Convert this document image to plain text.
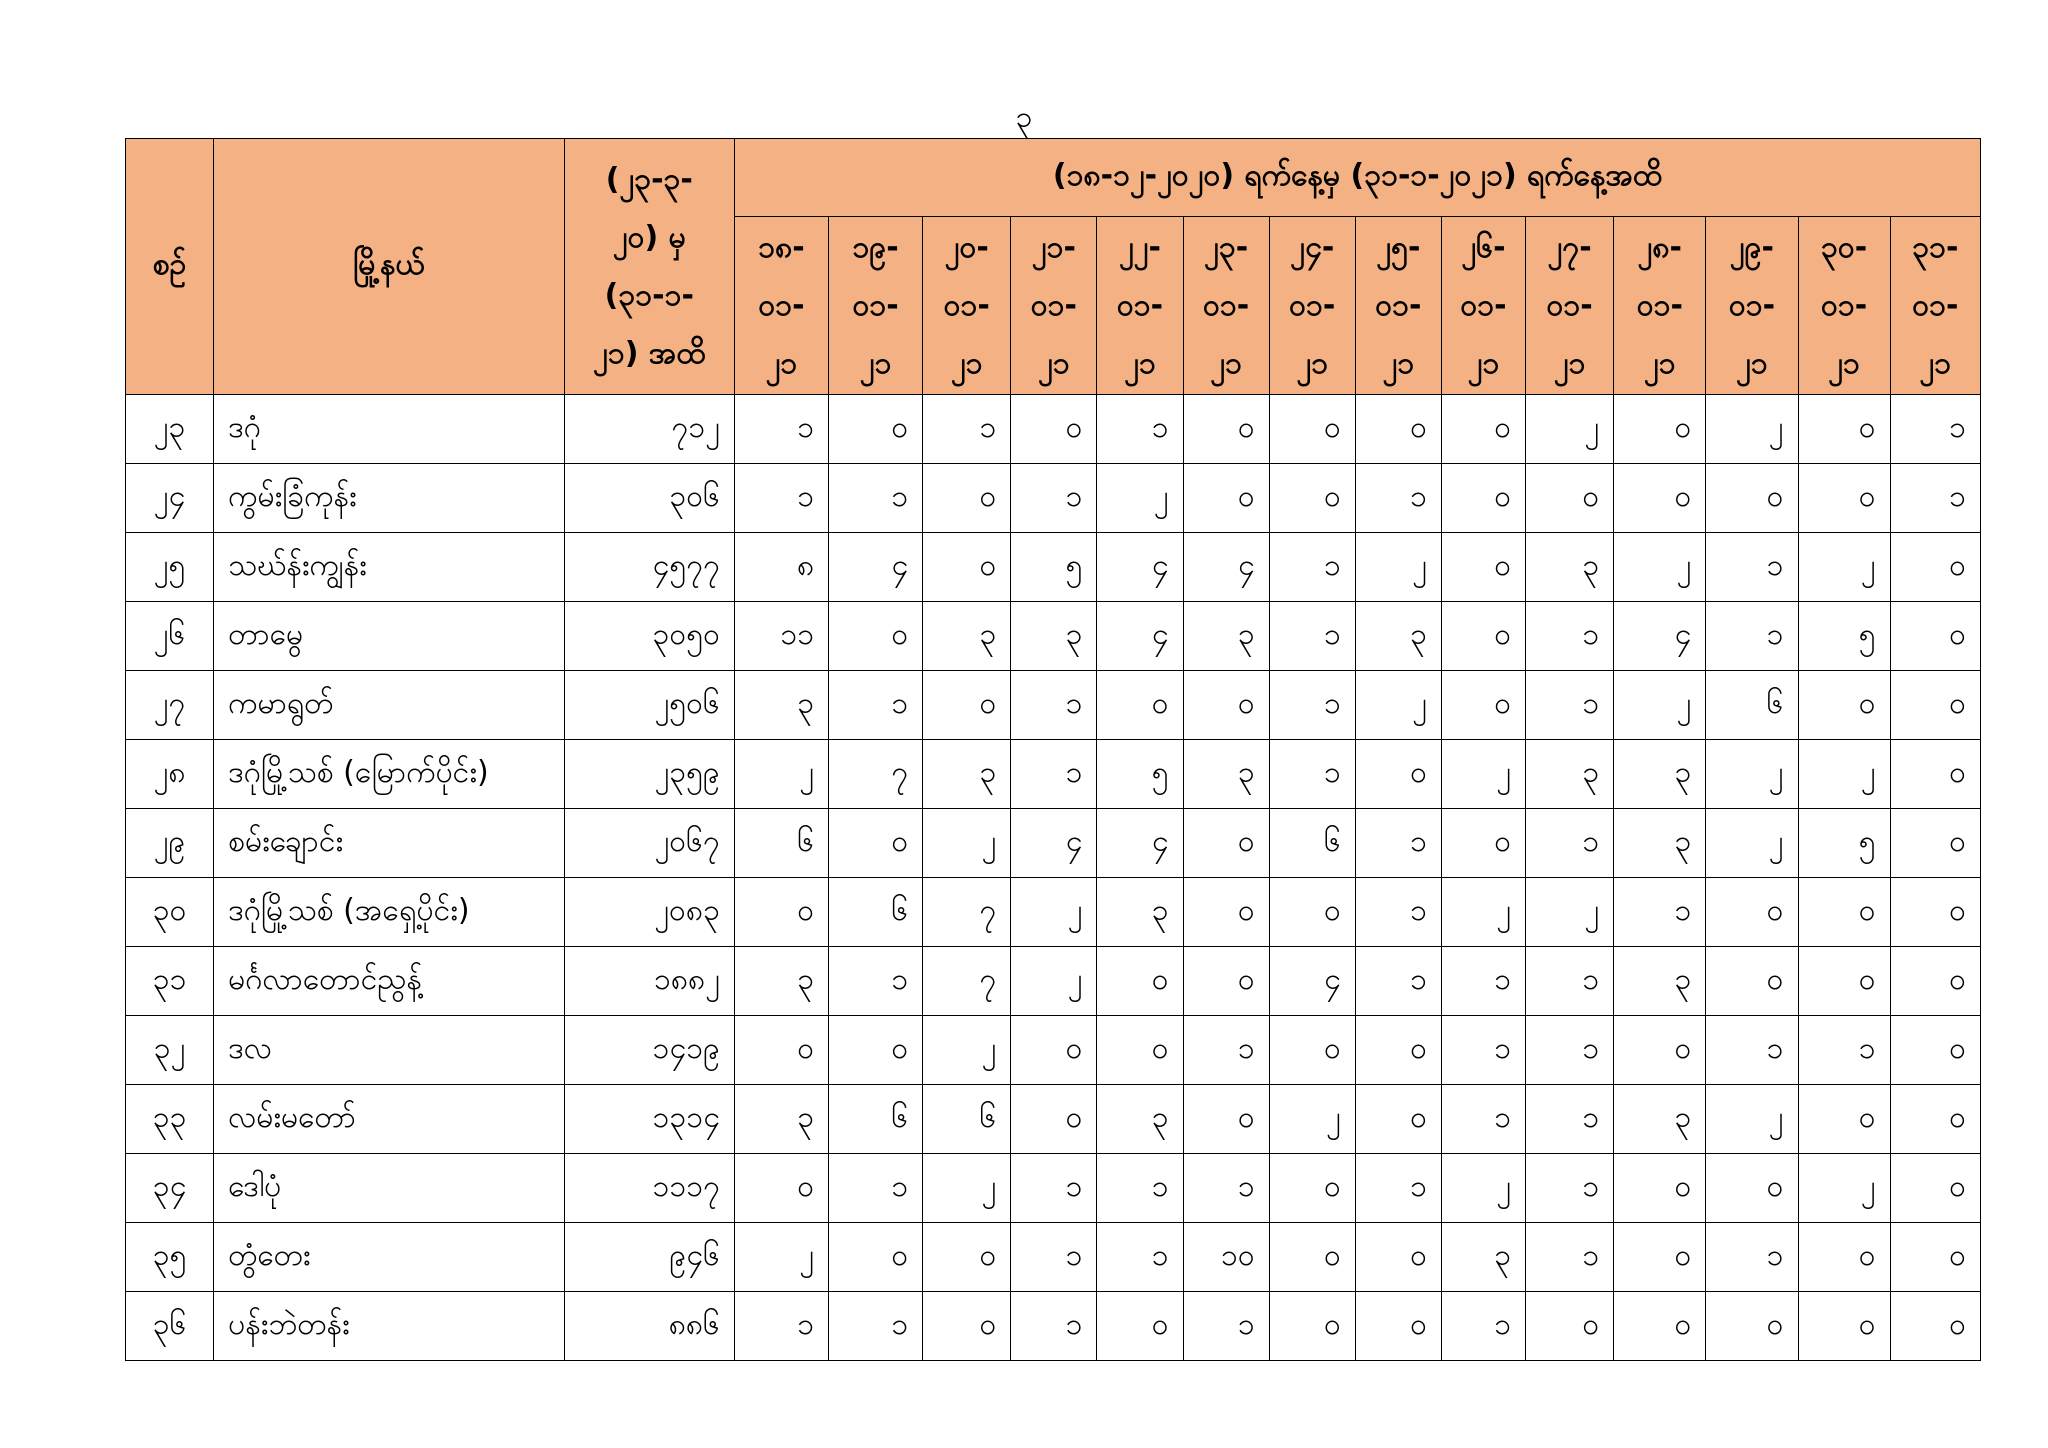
၃
စဉ်	မြို့နယ်	(၂၃-၃-
၂၀) မှ
(၃၁-၁-
၂၁) အထိ	(၁၈-၁၂-၂၀၂၀) ရက်နေ့မှ (၃၁-၁-၂၀၂၁) ရက်နေ့အထိ													

			၁၈-
၀၁-
၂၁	၁၉-
၀၁-
၂၁	၂၀-
၀၁-
၂၁	၂၁-
၀၁-
၂၁	၂၂-
၀၁-
၂၁	၂၃-
၀၁-
၂၁	၂၄-
၀၁-
၂၁	၂၅-
၀၁-
၂၁	၂၆-
၀၁-
၂၁	၂၇-
၀၁-
၂၁	၂၈-
၀၁-
၂၁	၂၉-
၀၁-
၂၁	၃၀-
၀၁-
၂၁	၃၁-
၀၁-
၂၁

၂၃	ဒဂုံ	၇၁၂	၁	၀	၁	၀	၁	၀	၀	၀	၀	၂	၀	၂	၀	၁
၂၄	ကွမ်းခြံကုန်း	၃၀၆	၁	၁	၀	၁	၂	၀	၀	၁	၀	၀	၀	၀	၀	၁
၂၅	သဃ်န်းကျွန်း	၄၅၇၇	၈	၄	၀	၅	၄	၄	၁	၂	၀	၃	၂	၁	၂	၀
၂၆	တာမွေ	၃၀၅၀	၁၁	၀	၃	၃	၄	၃	၁	၃	၀	၁	၄	၁	၅	၀
၂၇	ကမာရွတ်	၂၅၀၆	၃	၁	၀	၁	၀	၀	၁	၂	၀	၁	၂	၆	၀	၀
၂၈	ဒဂုံမြို့သစ် (မြောက်ပိုင်း)	၂၃၅၉	၂	၇	၃	၁	၅	၃	၁	၀	၂	၃	၃	၂	၂	၀
၂၉	စမ်းချောင်း	၂၀၆၇	၆	၀	၂	၄	၄	၀	၆	၁	၀	၁	၃	၂	၅	၀
၃၀	ဒဂုံမြို့သစ် (အရှေ့ပိုင်း)	၂၀၈၃	၀	၆	၇	၂	၃	၀	၀	၁	၂	၂	၁	၀	၀	၀
၃၁	မင်္ဂလာတောင်ညွန့်	၁၈၈၂	၃	၁	၇	၂	၀	၀	၄	၁	၁	၁	၃	၀	၀	၀
၃၂	ဒလ	၁၄၁၉	၀	၀	၂	၀	၀	၁	၀	၀	၁	၁	၀	၁	၁	၀
၃၃	လမ်းမတော်	၁၃၁၄	၃	၆	၆	၀	၃	၀	၂	၀	၁	၁	၃	၂	၀	၀
၃၄	ဒေါပုံ	၁၁၁၇	၀	၁	၂	၁	၁	၁	၀	၁	၂	၁	၀	၀	၂	၀
၃၅	တွံတေး	၉၄၆	၂	၀	၀	၁	၁	၁၀	၀	၀	၃	၁	၀	၁	၀	၀
၃၆	ပန်းဘဲတန်း	၈၈၆	၁	၁	၀	၁	၀	၁	၀	၀	၁	၀	၀	၀	၀	၀
